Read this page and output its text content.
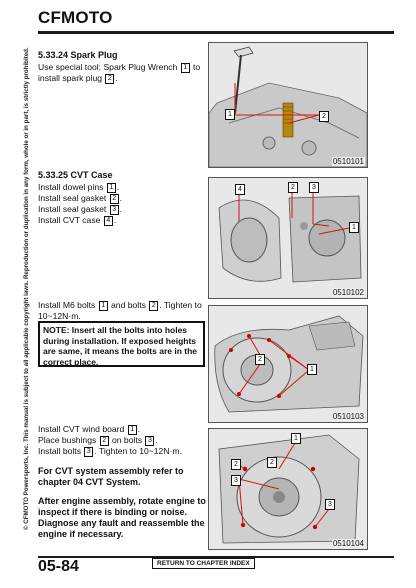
CFMOTO
© CFMOTO Powersports, Inc. This manual is subject to all applicable copyright laws. Reproduction or duplication in any form, whole or in part, is strictly prohibited. 5.33.24 Spark Plug
Use special tool: Spark Plug Wrench 1 to
install spark plug 2 .
5.33.25 CVT Case
Install dowel pins 1 .
Install seal gasket 2 .
Install seal gasket 3 .
Install CVT case 4 .
Install M6 bolts 1 and bolts 2 . Tighten to
10~12N·m.
NOTE: Insert all the bolts into holes during installation. If exposed heights are same, it means the bolts are in the correct place.
Install CVT wind board 1 .
Place bushings 2 on bolts 3 .
Install bolts 3 . Tighten to 10~12N·m.
For CVT system assembly refer to chapter 04 CVT System.
After engine assembly, rotate engine to inspect if there is binding or noise. Diagnose any fault and reassemble the engine if necessary.
1	2
0510101
4	2	3
1
0510102
2
1
0510103
1
2	2
3
3
0510104
05-84	RETURN TO CHAPTER INDEX
